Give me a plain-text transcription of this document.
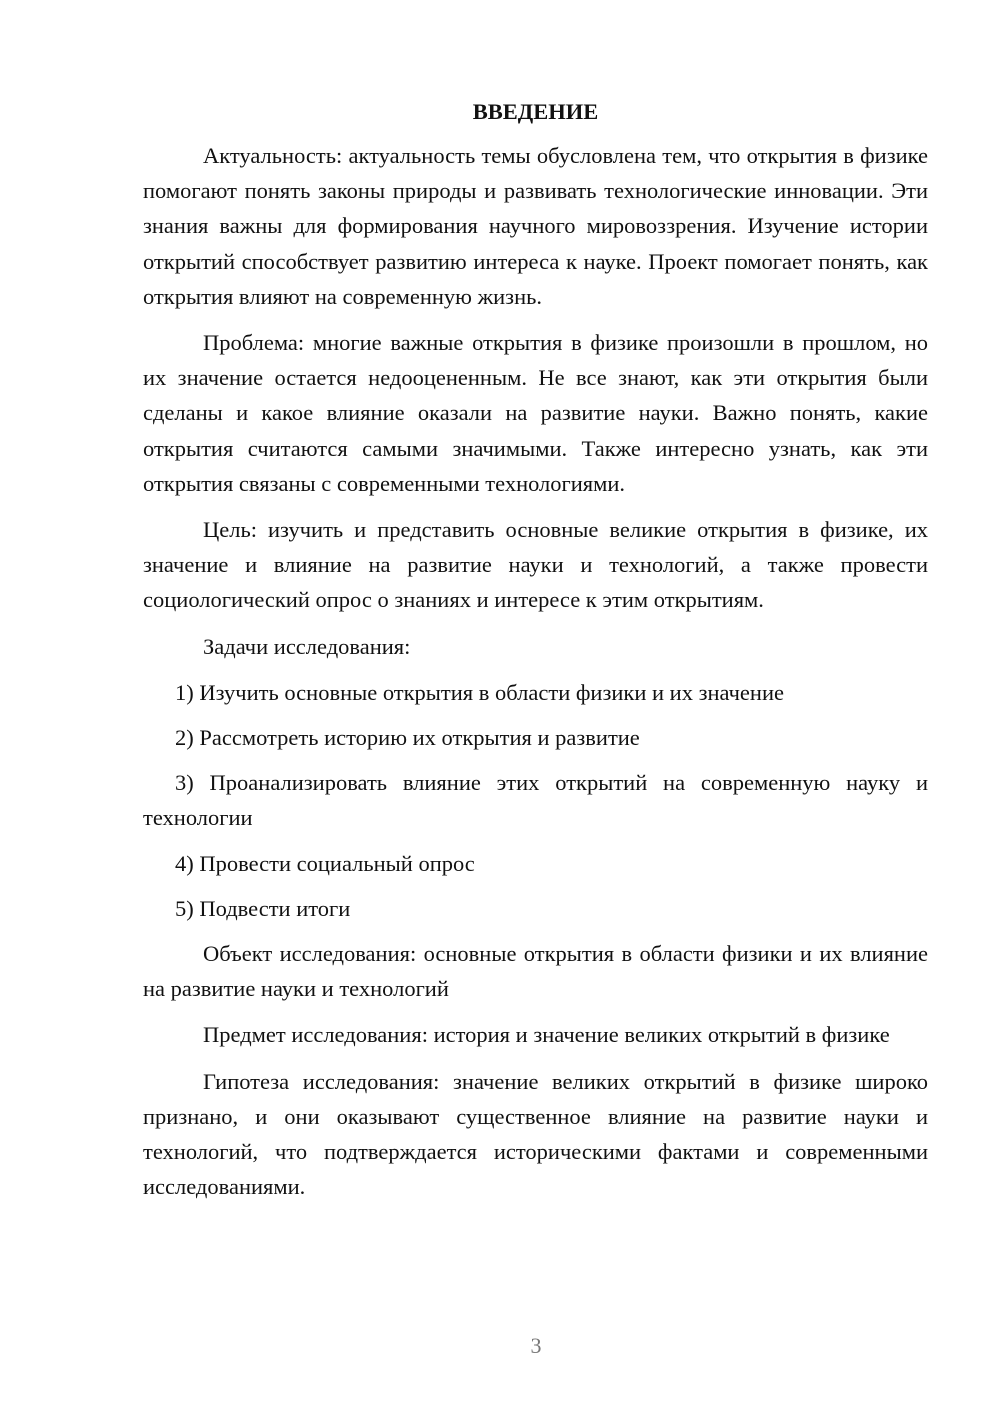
ВВЕДЕНИЕ

Актуальность: актуальность темы обусловлена тем, что открытия в физике помогают понять законы природы и развивать технологические инновации. Эти знания важны для формирования научного мировоззрения. Изучение истории открытий способствует развитию интереса к науке. Проект помогает понять, как открытия влияют на современную жизнь.

Проблема: многие важные открытия в физике произошли в прошлом, но их значение остается недооцененным. Не все знают, как эти открытия были сделаны и какое влияние оказали на развитие науки. Важно понять, какие открытия считаются самыми значимыми. Также интересно узнать, как эти открытия связаны с современными технологиями.

Цель: изучить и представить основные великие открытия в физике, их значение и влияние на развитие науки и технологий, а также провести социологический опрос о знаниях и интересе к этим открытиям.

Задачи исследования:

1) Изучить основные открытия в области физики и их значение

2) Рассмотреть историю их открытия и развитие

3) Проанализировать влияние этих открытий на современную науку и технологии

4) Провести социальный опрос

5) Подвести итоги

Объект исследования: основные открытия в области физики и их влияние на развитие науки и технологий

Предмет исследования: история и значение великих открытий в физике

Гипотеза исследования: значение великих открытий в физике широко признано, и они оказывают существенное влияние на развитие науки и технологий, что подтверждается историческими фактами и современными исследованиями.

3
